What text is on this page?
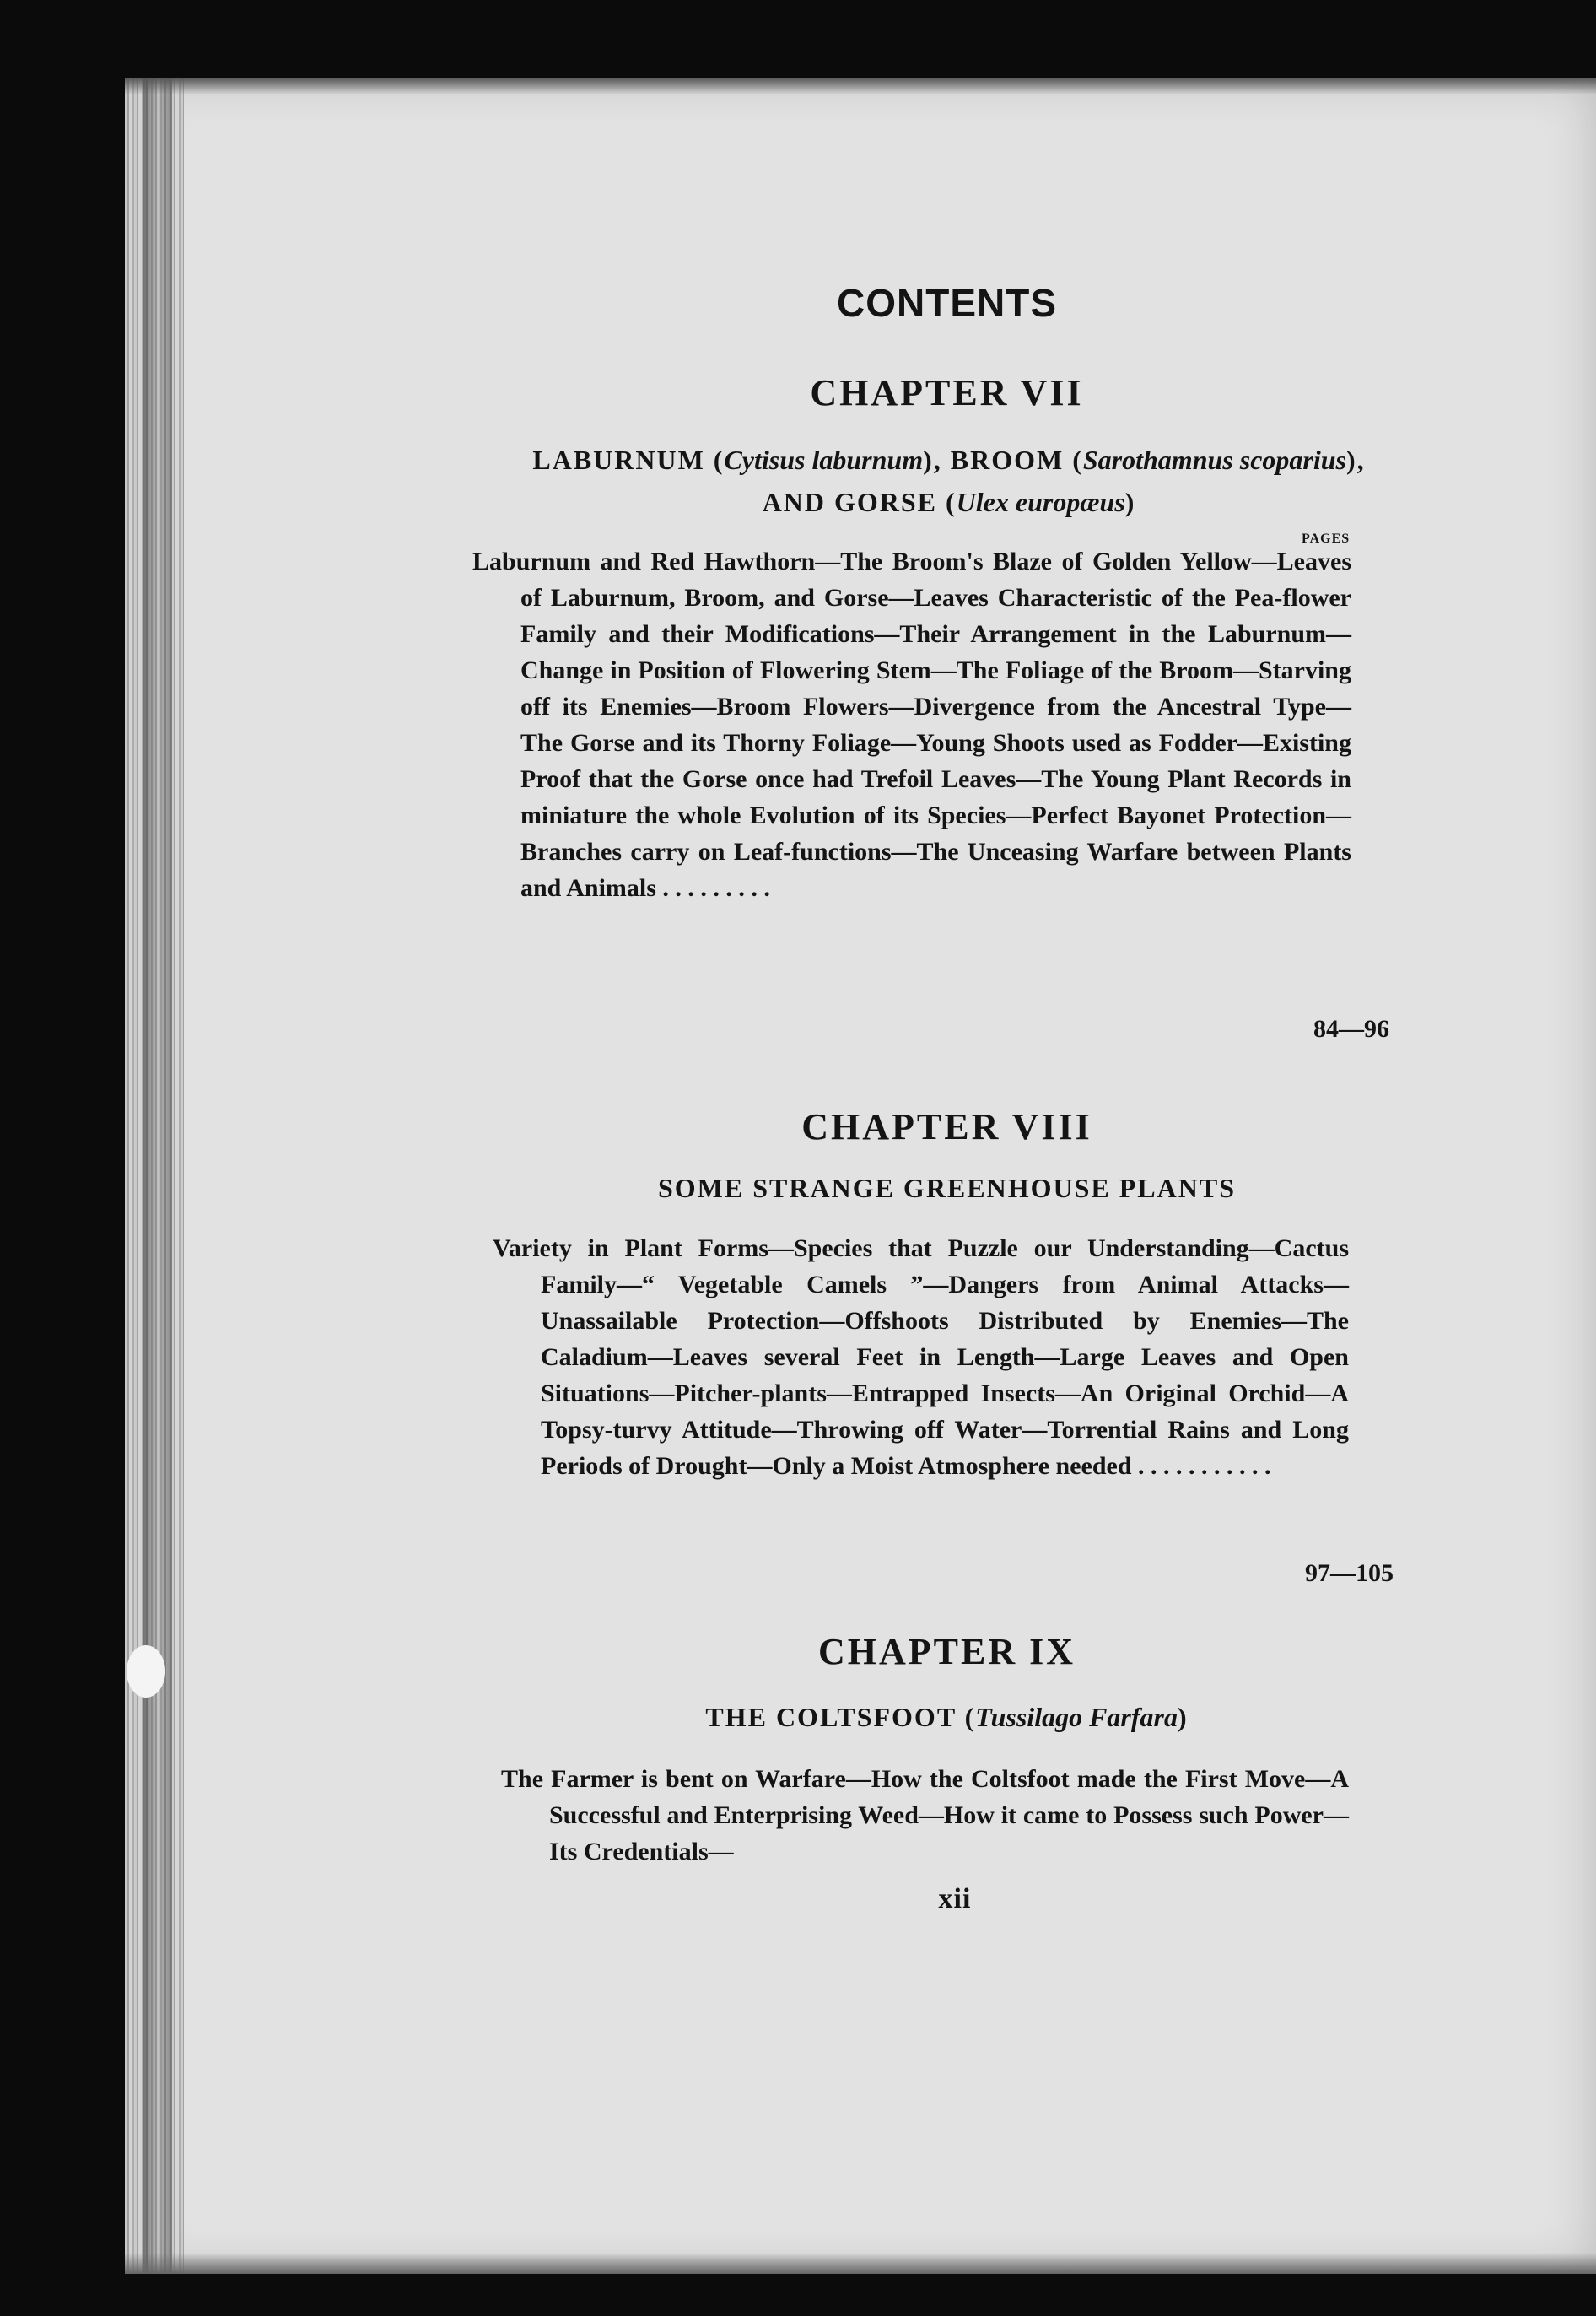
CONTENTS
CHAPTER VII
LABURNUM (Cytisus laburnum), BROOM (Sarothamnus scoparius), AND GORSE (Ulex europæus)
PAGES
Laburnum and Red Hawthorn—The Broom's Blaze of Golden Yellow—Leaves of Laburnum, Broom, and Gorse—Leaves Characteristic of the Pea-flower Family and their Modifications—Their Arrangement in the Laburnum—Change in Position of Flowering Stem—The Foliage of the Broom—Starving off its Enemies—Broom Flowers—Divergence from the Ancestral Type—The Gorse and its Thorny Foliage—Young Shoots used as Fodder—Existing Proof that the Gorse once had Trefoil Leaves—The Young Plant Records in miniature the whole Evolution of its Species—Perfect Bayonet Protection—Branches carry on Leaf-functions—The Unceasing Warfare between Plants and Animals . . . . . . . . .
84—96
CHAPTER VIII
SOME STRANGE GREENHOUSE PLANTS
Variety in Plant Forms—Species that Puzzle our Understanding—Cactus Family—“ Vegetable Camels ”—Dangers from Animal Attacks—Unassailable Protection—Offshoots Distributed by Enemies—The Caladium—Leaves several Feet in Length—Large Leaves and Open Situations—Pitcher-plants—Entrapped Insects—An Original Orchid—A Topsy-turvy Attitude—Throwing off Water—Torrential Rains and Long Periods of Drought—Only a Moist Atmosphere needed . . . . . . . . . . .
97—105
CHAPTER IX
THE COLTSFOOT (Tussilago Farfara)
The Farmer is bent on Warfare—How the Coltsfoot made the First Move—A Successful and Enterprising Weed—How it came to Possess such Power—Its Credentials—
xii
